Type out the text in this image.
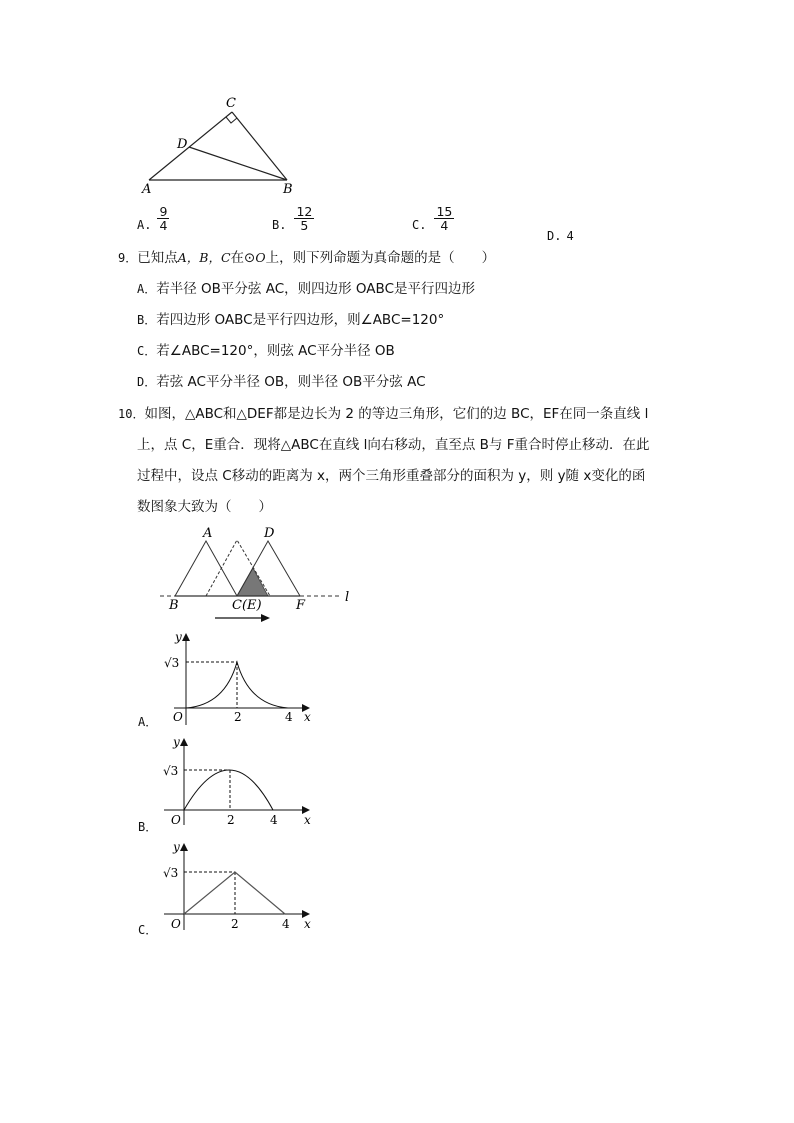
C
D
A	B
A. $\frac{9}{4}$	B. $\frac{12}{5}$	C. $\frac{15}{4}$
D. 4
9．已知点A，B，C在⊙O上，则下列命题为真命题的是（　　）
A．若半径 OB平分弦 AC，则四边形 OABC是平行四边形
B．若四边形 OABC是平行四边形，则∠ABC=120°
C．若∠ABC=120°，则弦 AC平分半径 OB
D．若弦 AC平分半径 OB，则半径 OB平分弦 AC
10．如图，△ABC和△DEF都是边长为 2 的等边三角形，它们的边 BC，EF在同一条直线 l
上，点 C，E重合．现将△ABC在直线 l向右移动，直至点 B与 F重合时停止移动．在此
过程中，设点 C移动的距离为 x，两个三角形重叠部分的面积为 y，则 y随 x变化的函
数图象大致为（　　）
A	D
B	C(E)	F
l
y
√3
O	2	4 x
A．
y
√3
O	2	4 x
B．
y
√3
O	2	4 x
C．
